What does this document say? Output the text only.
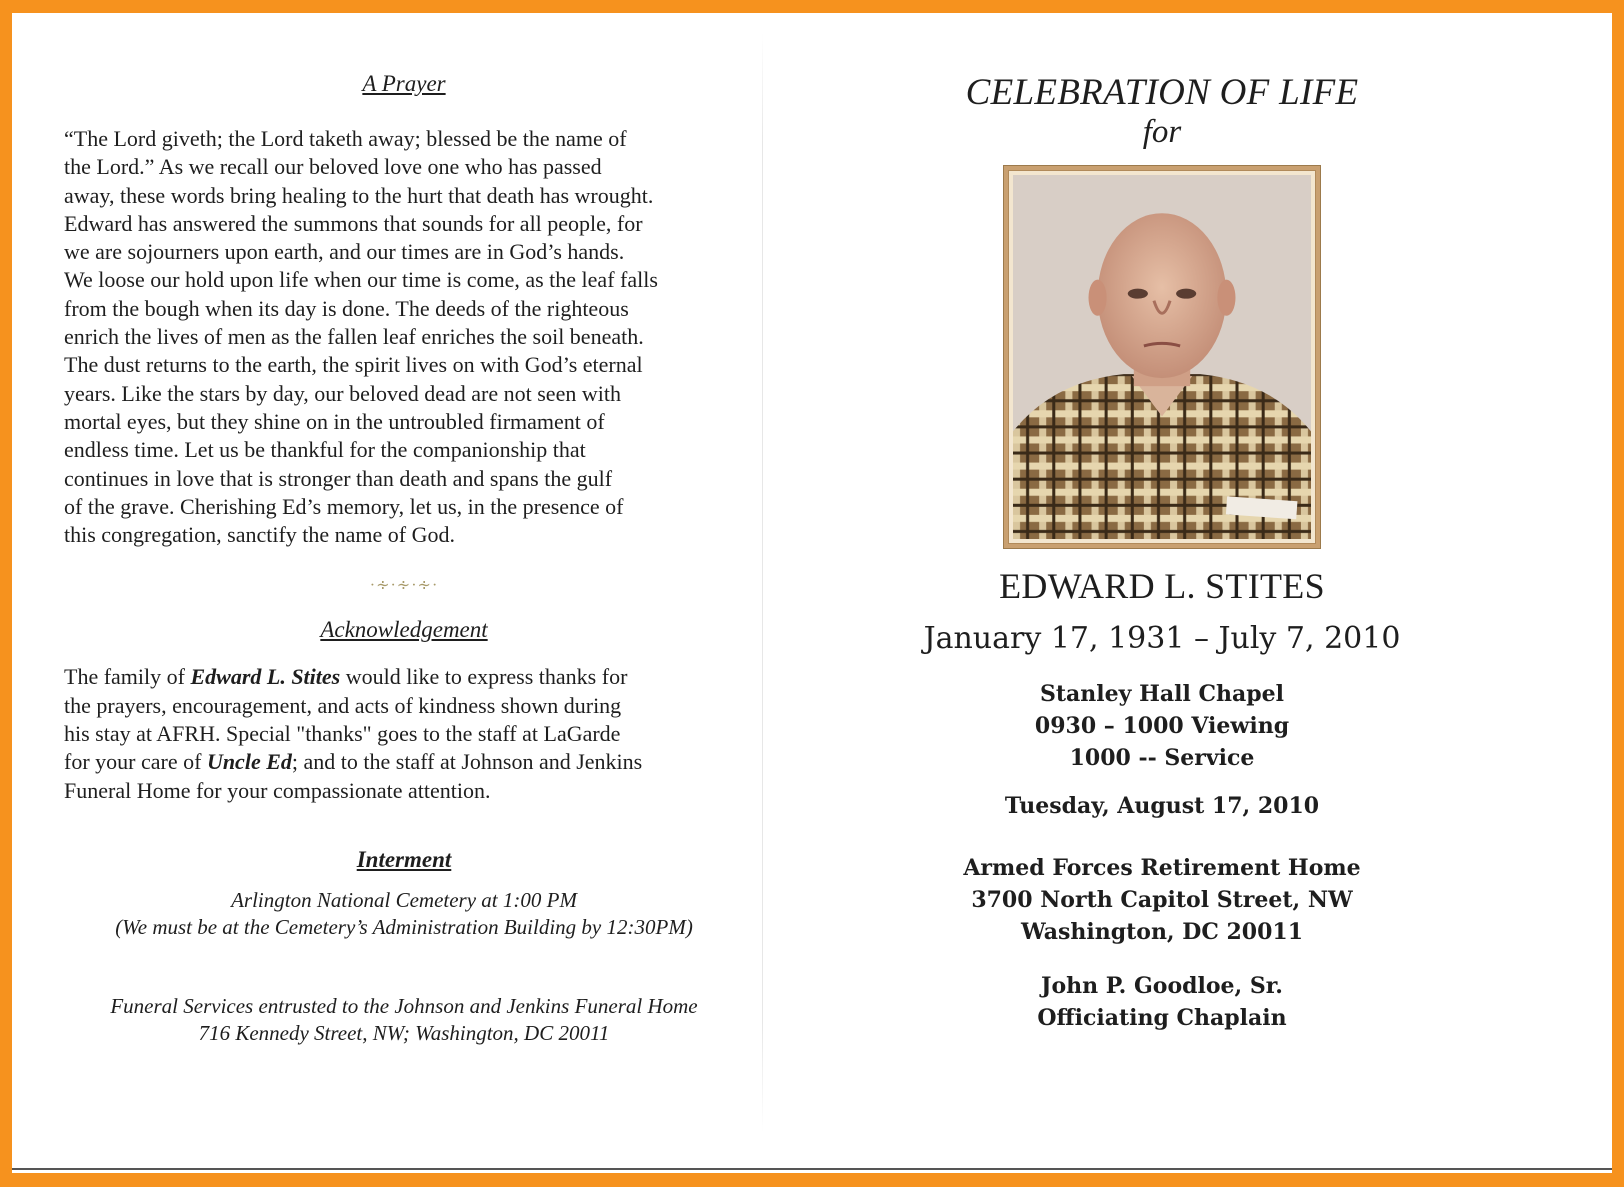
A Prayer

“The Lord giveth; the Lord taketh away; blessed be the name of
the Lord.” As we recall our beloved love one who has passed
away, these words bring healing to the hurt that death has wrought.
Edward has answered the summons that sounds for all people, for
we are sojourners upon earth, and our times are in God’s hands.
We loose our hold upon life when our time is come, as the leaf falls
from the bough when its day is done. The deeds of the righteous
enrich the lives of men as the fallen leaf enriches the soil beneath.
The dust returns to the earth, the spirit lives on with God’s eternal
years. Like the stars by day, our beloved dead are not seen with
mortal eyes, but they shine on in the untroubled firmament of
endless time. Let us be thankful for the companionship that
continues in love that is stronger than death and spans the gulf
of the grave. Cherishing Ed’s memory, let us, in the presence of
this congregation, sanctify the name of God.

·∻·∻·∻·

Acknowledgement

The family of Edward L. Stites would like to express thanks for
the prayers, encouragement, and acts of kindness shown during
his stay at AFRH. Special "thanks" goes to the staff at LaGarde
for your care of Uncle Ed; and to the staff at Johnson and Jenkins
Funeral Home for your compassionate attention.

Interment

Arlington National Cemetery at 1:00 PM
(We must be at the Cemetery’s Administration Building by 12:30PM)
Funeral Services entrusted to the Johnson and Jenkins Funeral Home
716 Kennedy Street, NW; Washington, DC 20011

CELEBRATION OF LIFE

for

EDWARD L. STITES

January 17, 1931 – July 7, 2010

Stanley Hall Chapel
0930 – 1000 Viewing
1000 -- Service

Tuesday, August 17, 2010

Armed Forces Retirement Home
3700 North Capitol Street, NW
Washington, DC 20011
John P. Goodloe, Sr.
Officiating Chaplain
